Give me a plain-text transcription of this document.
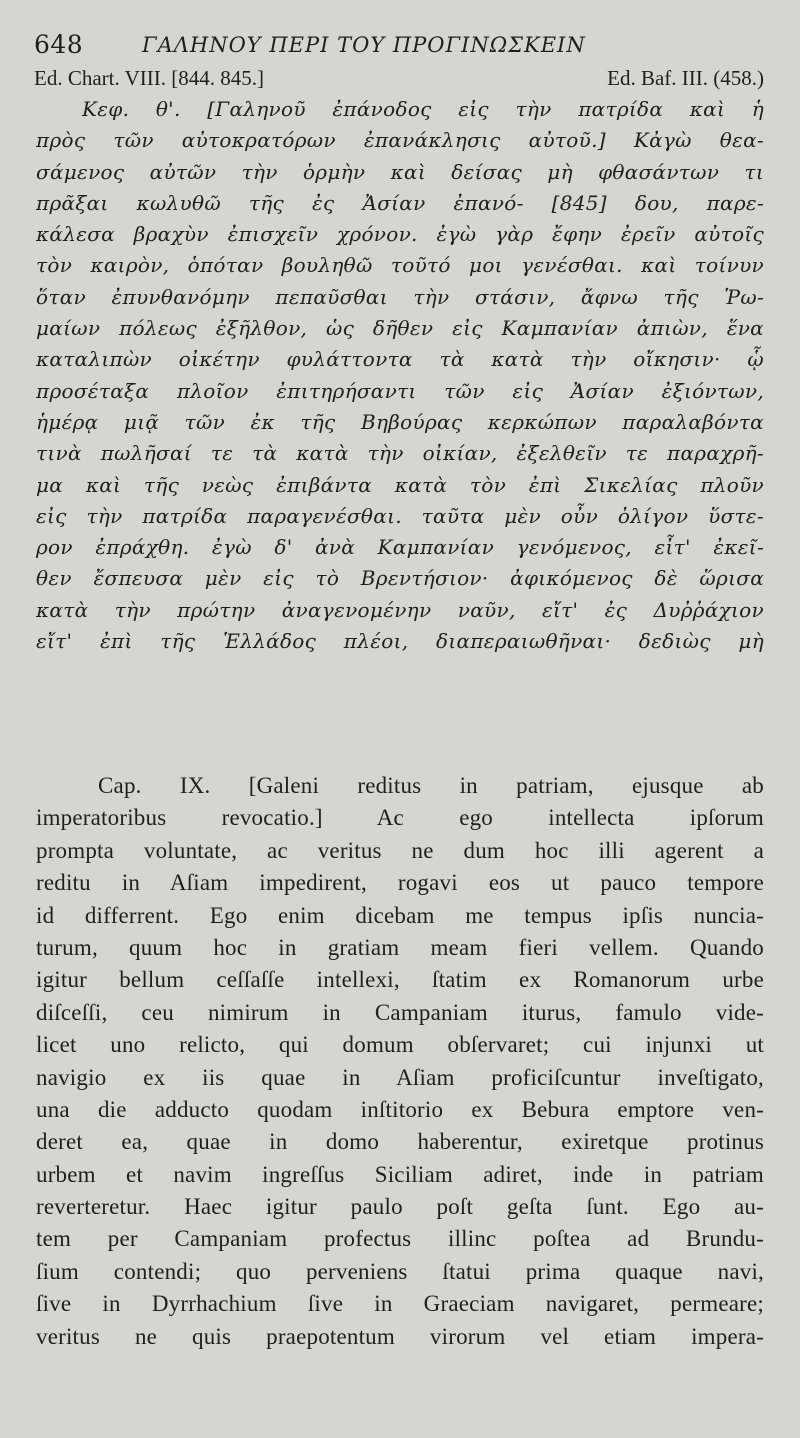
648	ΓΑΛΗΝΟΥ ΠΕΡΙ ΤΟΥ ΠΡΟΓΙΝΩΣΚΕΙΝ
Ed. Chart. VIII. [844. 845.]	Ed. Baf. III. (458.)
Κεφ. θ'. [Γαληνοῦ ἐπάνοδος εἰς τὴν πατρίδα καὶ ἡ
πρὸς τῶν αὐτοκρατόρων ἐπανάκλησις αὐτοῦ.] Κἀγὼ θεα-
σάμενος αὐτῶν τὴν ὁρμὴν καὶ δείσας μὴ φθασάντων τι
πρᾶξαι κωλυθῶ τῆς ἐς Ἀσίαν ἐπανό- [845] δου, παρε-
κάλεσα βραχὺν ἐπισχεῖν χρόνον. ἐγὼ γὰρ ἔφην ἐρεῖν αὐτοῖς
τὸν καιρὸν, ὁπόταν βουληθῶ τοῦτό μοι γενέσθαι. καὶ τοίνυν
ὅταν ἐπυνθανόμην πεπαῦσθαι τὴν στάσιν, ἄφνω τῆς Ῥω-
μαίων πόλεως ἐξῆλθον, ὡς δῆθεν εἰς Καμπανίαν ἀπιὼν, ἕνα
καταλιπὼν οἰκέτην φυλάττοντα τὰ κατὰ τὴν οἴκησιν· ᾧ
προσέταξα πλοῖον ἐπιτηρήσαντι τῶν εἰς Ἀσίαν ἐξιόντων,
ἡμέρᾳ μιᾷ τῶν ἐκ τῆς Βηβούρας κερκώπων παραλαβόντα
τινὰ πωλῆσαί τε τὰ κατὰ τὴν οἰκίαν, ἐξελθεῖν τε παραχρῆ-
μα καὶ τῆς νεὼς ἐπιβάντα κατὰ τὸν ἐπὶ Σικελίας πλοῦν
εἰς τὴν πατρίδα παραγενέσθαι. ταῦτα μὲν οὖν ὀλίγον ὕστε-
ρον ἐπράχθη. ἐγὼ δ' ἀνὰ Καμπανίαν γενόμενος, εἶτ' ἐκεῖ-
θεν ἔσπευσα μὲν εἰς τὸ Βρεντήσιον· ἀφικόμενος δὲ ὥρισα
κατὰ τὴν πρώτην ἀναγενομένην ναῦν, εἴτ' ἐς Δυῤῥάχιον
εἴτ' ἐπὶ τῆς Ἑλλάδος πλέοι, διαπεραιωθῆναι· δεδιὼς μὴ
Cap. IX. [Galeni reditus in patriam, ejusque ab
imperatoribus revocatio.] Ac ego intellecta ipſorum
prompta voluntate, ac veritus ne dum hoc illi agerent a
reditu in Aſiam impedirent, rogavi eos ut pauco tempore
id differrent. Ego enim dicebam me tempus ipſis nuncia-
turum, quum hoc in gratiam meam fieri vellem. Quando
igitur bellum ceſſaſſe intellexi, ſtatim ex Romanorum urbe
diſceſſi, ceu nimirum in Campaniam iturus, famulo vide-
licet uno relicto, qui domum obſervaret; cui injunxi ut
navigio ex iis quae in Aſiam proficiſcuntur inveſtigato,
una die adducto quodam inſtitorio ex Bebura emptore ven-
deret ea, quae in domo haberentur, exiretque protinus
urbem et navim ingreſſus Siciliam adiret, inde in patriam
reverteretur. Haec igitur paulo poſt geſta ſunt. Ego au-
tem per Campaniam profectus illinc poſtea ad Brundu-
ſium contendi; quo perveniens ſtatui prima quaque navi,
ſive in Dyrrhachium ſive in Graeciam navigaret, permeare;
veritus ne quis praepotentum virorum vel etiam impera-
